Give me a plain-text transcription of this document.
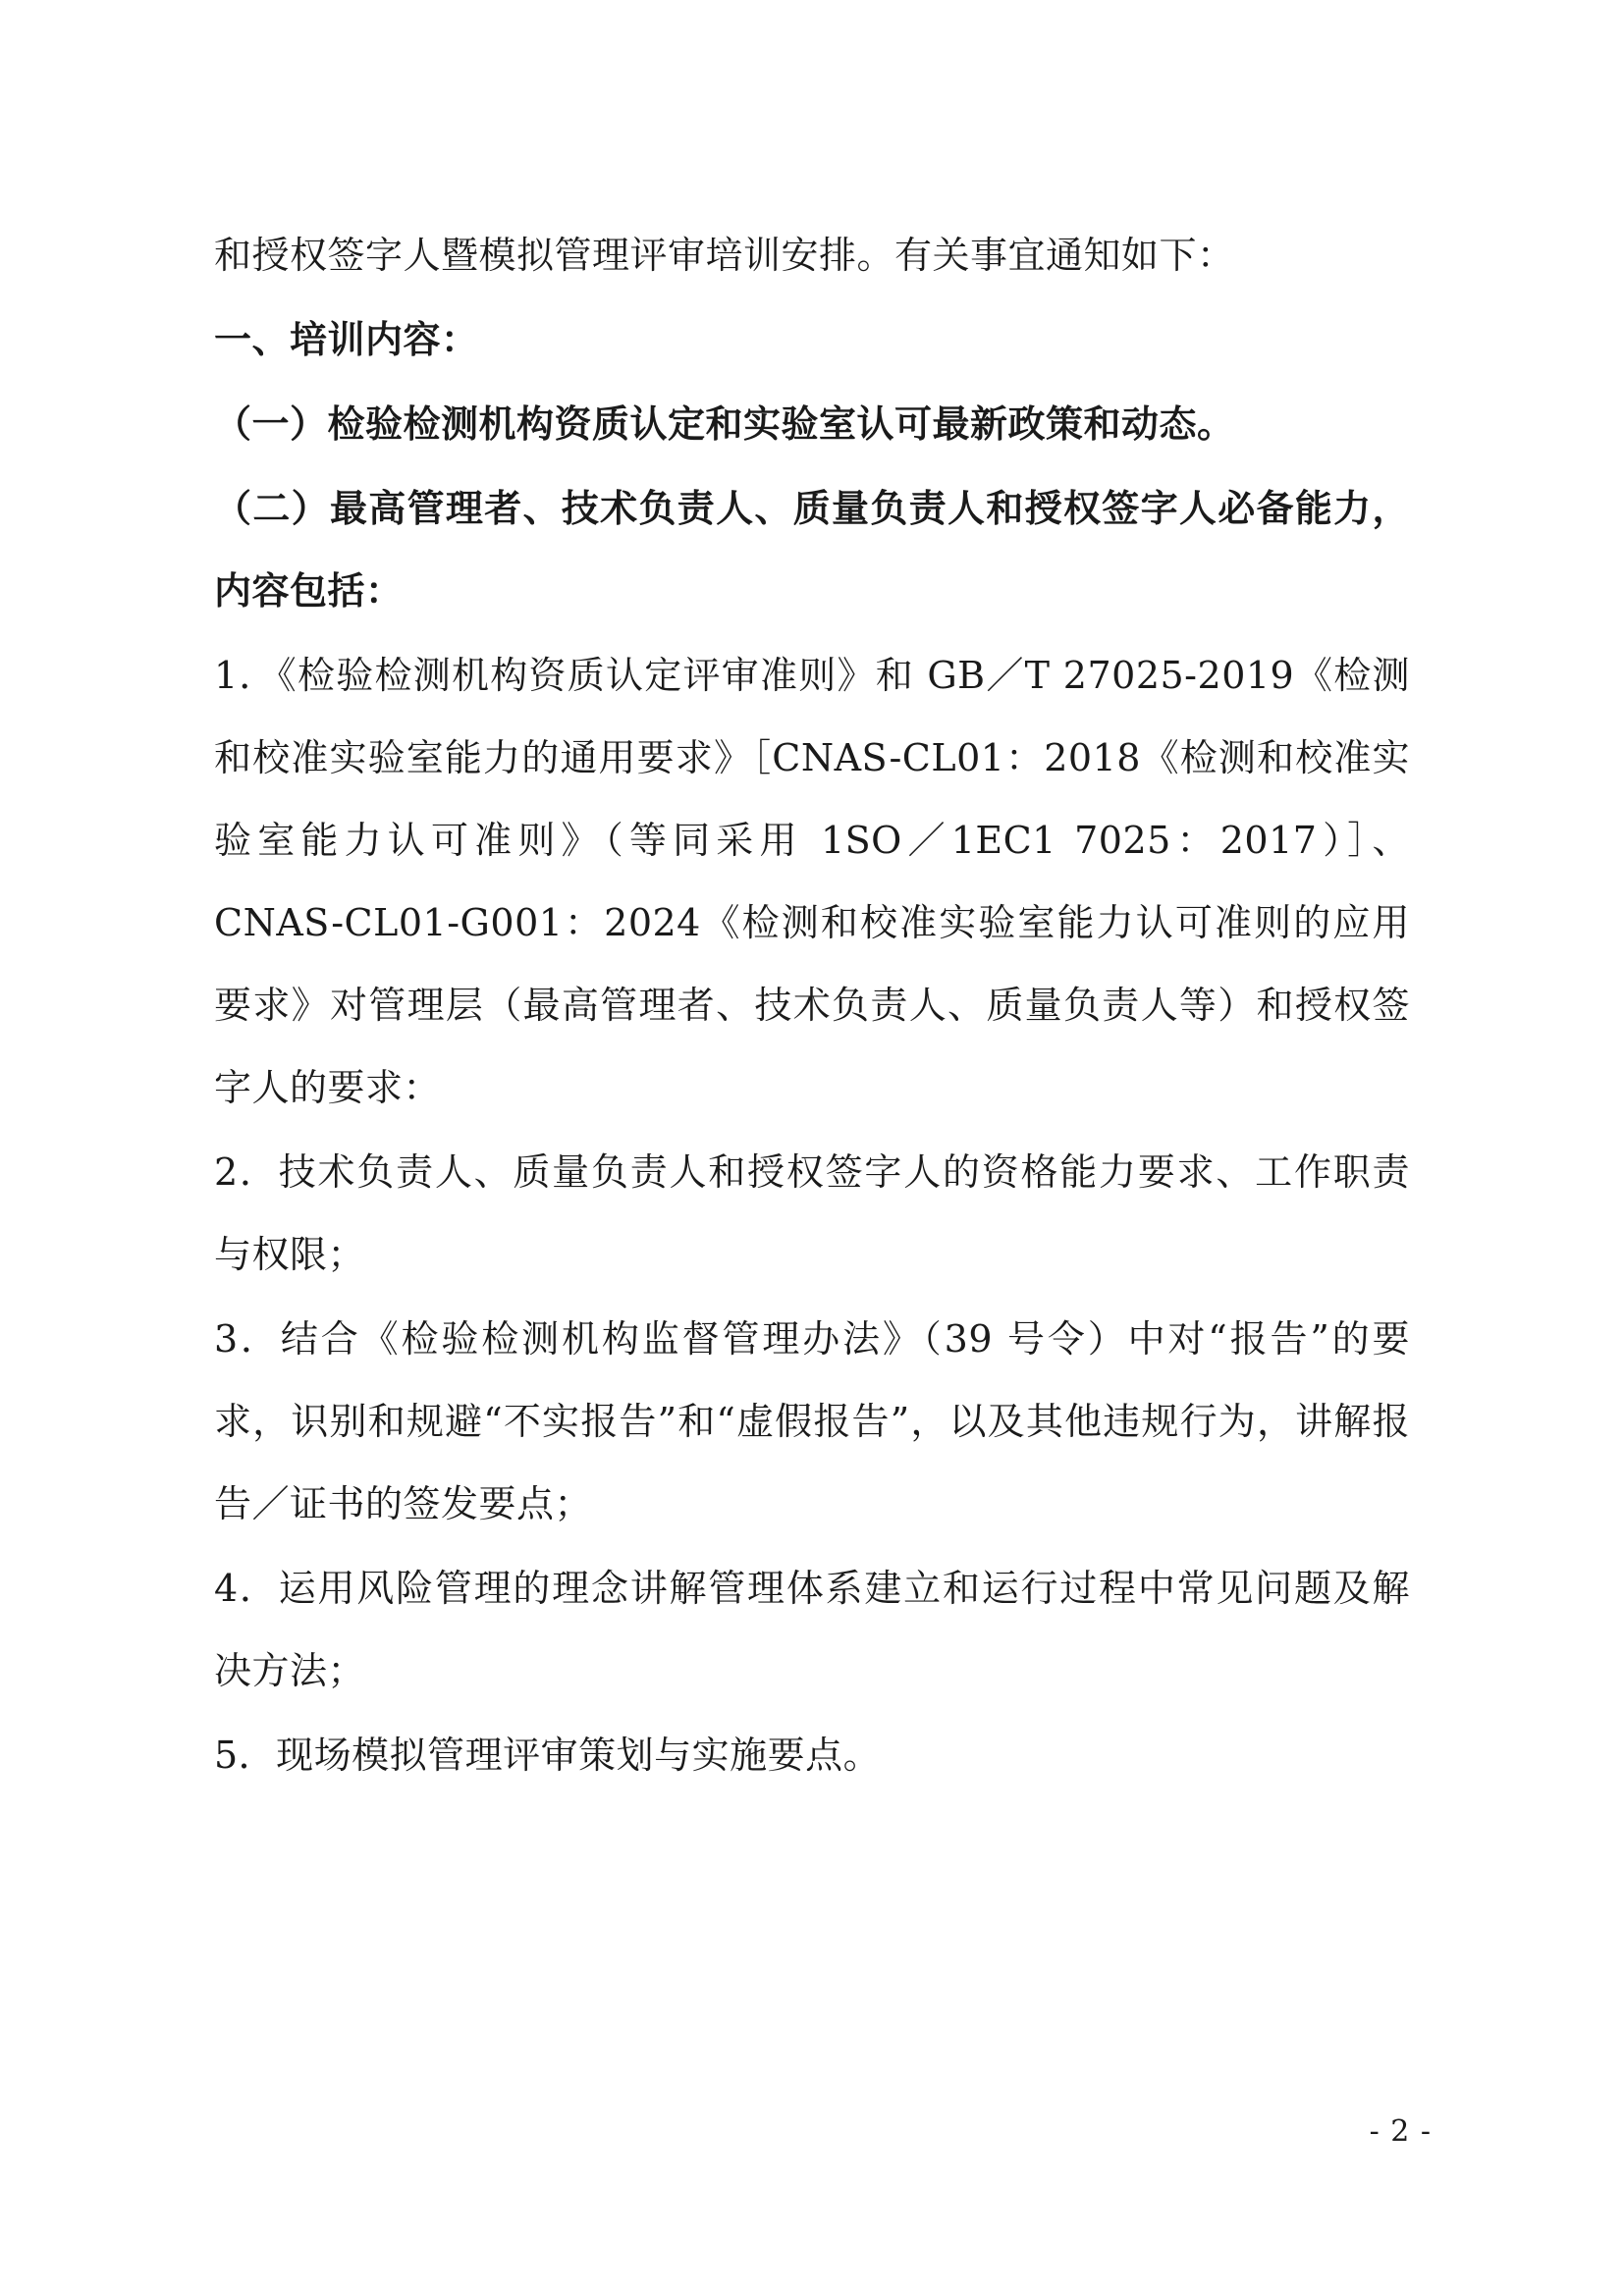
和授权签字人暨模拟管理评审培训安排。有关事宜通知如下：

一、培训内容：

（一）检验检测机构资质认定和实验室认可最新政策和动态。

（二）最高管理者、技术负责人、质量负责人和授权签字人必备能力，内容包括：

1．《检验检测机构资质认定评审准则》和 GB／T 27025-2019《检测和校准实验室能力的通用要求》［CNAS-CL01：2018《检测和校准实验室能力认可准则》（等同采用 1SO／1EC1 7025：2017）］、CNAS-CL01-G001：2024《检测和校准实验室能力认可准则的应用要求》对管理层（最高管理者、技术负责人、质量负责人等）和授权签字人的要求：

2．技术负责人、质量负责人和授权签字人的资格能力要求、工作职责与权限；

3．结合《检验检测机构监督管理办法》（39 号令）中对“报告”的要求，识别和规避“不实报告”和“虚假报告”，以及其他违规行为，讲解报告／证书的签发要点；

4．运用风险管理的理念讲解管理体系建立和运行过程中常见问题及解决方法；

5．现场模拟管理评审策划与实施要点。

- 2 -
